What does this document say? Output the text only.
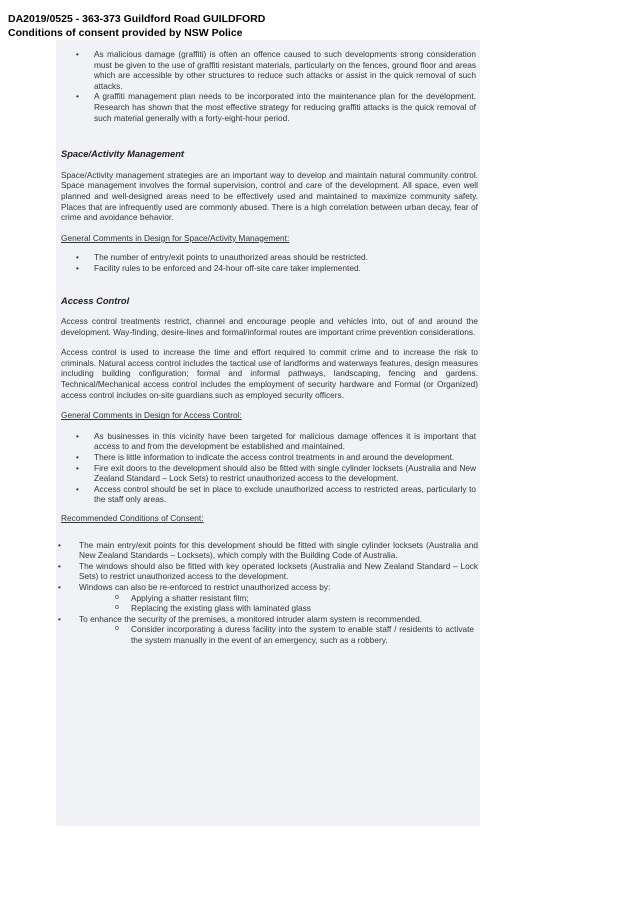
DA2019/0525 - 363-373 Guildford Road GUILDFORD
Conditions of consent provided by NSW Police
• As malicious damage (graffiti) is often an offence caused to such developments strong consideration must be given to the use of graffiti resistant materials, particularly on the fences, ground floor and areas which are accessible by other structures to reduce such attacks or assist in the quick removal of such attacks.
• A graffiti management plan needs to be incorporated into the maintenance plan for the development. Research has shown that the most effective strategy for reducing graffiti attacks is the quick removal of such material generally with a forty-eight-hour period.
Space/Activity Management
Space/Activity management strategies are an important way to develop and maintain natural community control. Space management involves the formal supervision, control and care of the development. All space, even well planned and well-designed areas need to be effectively used and maintained to maximize community safety. Places that are infrequently used are commonly abused. There is a high correlation between urban decay, fear of crime and avoidance behavior.
General Comments in Design for Space/Activity Management:
• The number of entry/exit points to unauthorized areas should be restricted.
• Facility rules to be enforced and 24-hour off-site care taker implemented.
Access Control
Access control treatments restrict, channel and encourage people and vehicles into, out of and around the development. Way-finding, desire-lines and formal/informal routes are important crime prevention considerations.
Access control is used to increase the time and effort required to commit crime and to increase the risk to criminals. Natural access control includes the tactical use of landforms and waterways features, design measures including building configuration; formal and informal pathways, landscaping, fencing and gardens. Technical/Mechanical access control includes the employment of security hardware and Formal (or Organized) access control includes on-site guardians such as employed security officers.
General Comments in Design for Access Control:
• As businesses in this vicinity have been targeted for malicious damage offences it is important that access to and from the development be established and maintained.
• There is little information to indicate the access control treatments in and around the development.
• Fire exit doors to the development should also be fitted with single cylinder locksets (Australia and New Zealand Standard – Lock Sets) to restrict unauthorized access to the development.
• Access control should be set in place to exclude unauthorized access to restricted areas, particularly to the staff only areas.
Recommended Conditions of Consent:
• The main entry/exit points for this development should be fitted with single cylinder locksets (Australia and New Zealand Standards – Locksets), which comply with the Building Code of Australia.
• The windows should also be fitted with key operated locksets (Australia and New Zealand Standard – Lock Sets) to restrict unauthorized access to the development.
• Windows can also be re-enforced to restrict unauthorized access by:
o Applying a shatter resistant film;
o Replacing the existing glass with laminated glass
• To enhance the security of the premises, a monitored intruder alarm system is recommended.
o Consider incorporating a duress facility into the system to enable staff / residents to activate the system manually in the event of an emergency, such as a robbery.
